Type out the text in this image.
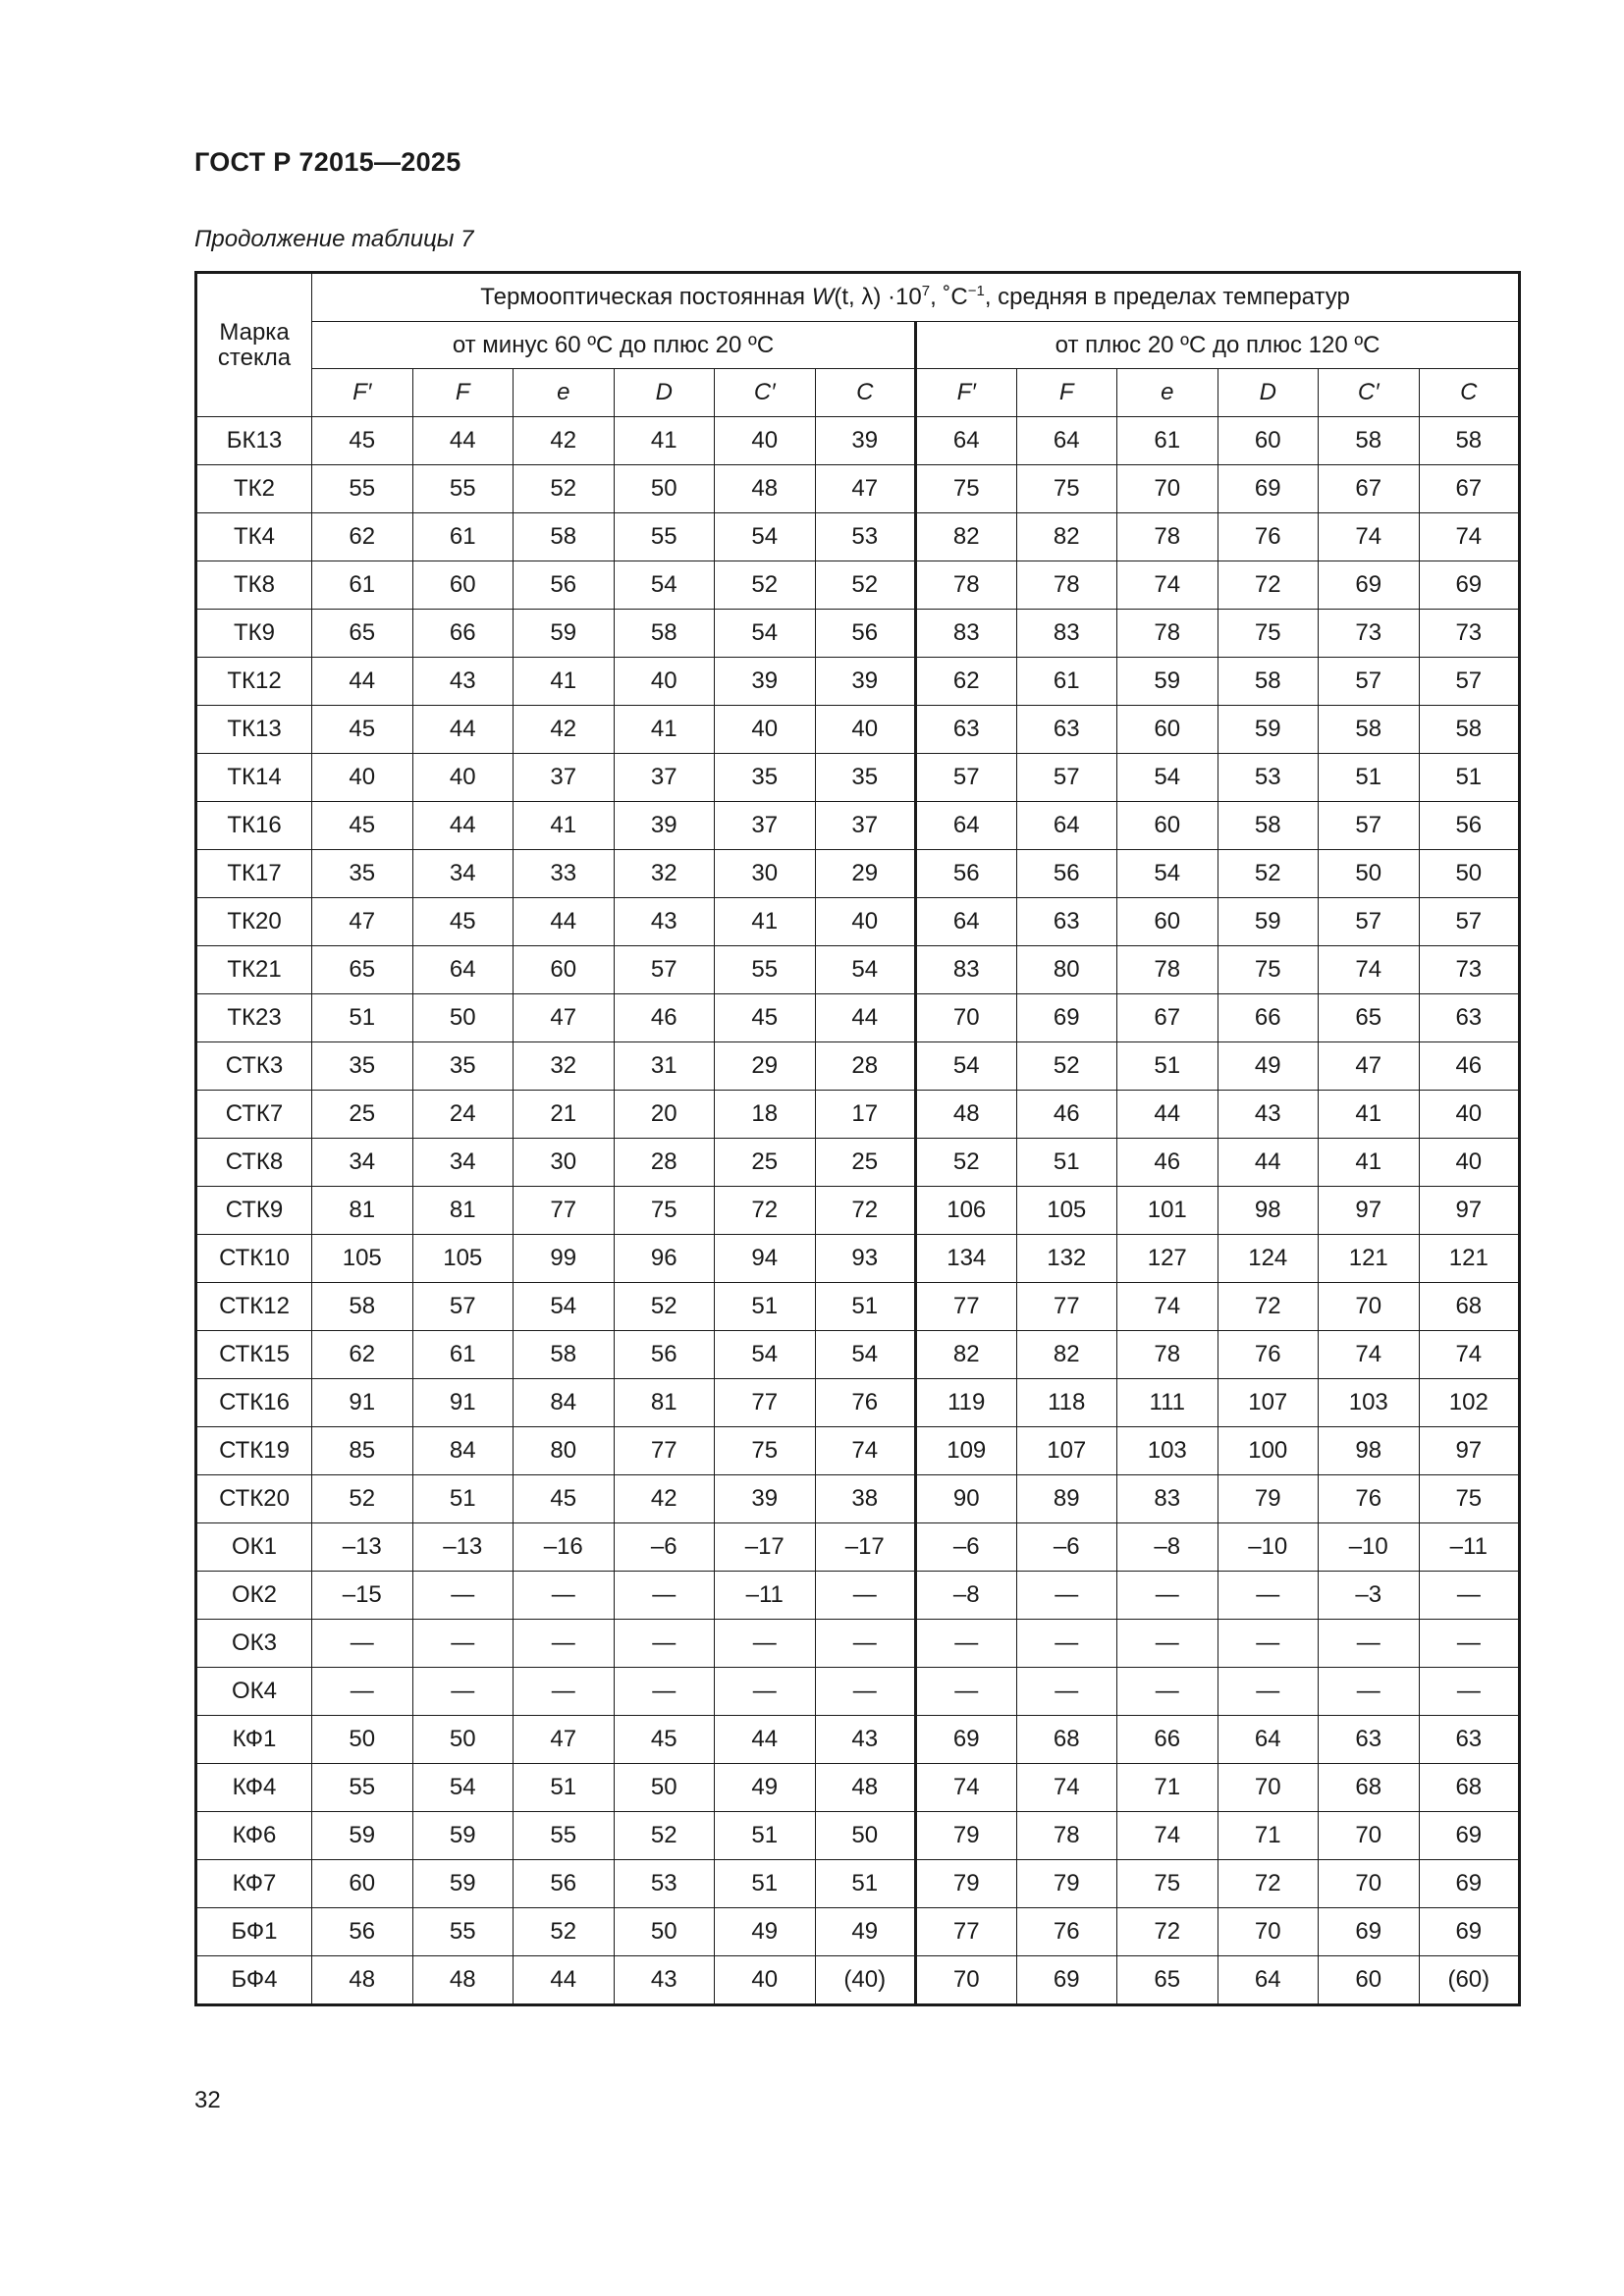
ГОСТ Р 72015—2025
Продолжение таблицы 7
Марка стекла	Термооптическая постоянная W(t, $\lambda) \cdot 10^7$, $˚C^{-1}$, средняя в пределах температур											
	от минус 60 ºC до плюс 20 ºC						от плюс 20 ºC до плюс 120 ºC					
	F′	F	e	D	C′	C	F′	F	e	D	C′	C
БК13	45	44	42	41	40	39	64	64	61	60	58	58
ТК2	55	55	52	50	48	47	75	75	70	69	67	67
ТК4	62	61	58	55	54	53	82	82	78	76	74	74
ТК8	61	60	56	54	52	52	78	78	74	72	69	69
ТК9	65	66	59	58	54	56	83	83	78	75	73	73
ТК12	44	43	41	40	39	39	62	61	59	58	57	57
ТК13	45	44	42	41	40	40	63	63	60	59	58	58
ТК14	40	40	37	37	35	35	57	57	54	53	51	51
ТК16	45	44	41	39	37	37	64	64	60	58	57	56
ТК17	35	34	33	32	30	29	56	56	54	52	50	50
ТК20	47	45	44	43	41	40	64	63	60	59	57	57
ТК21	65	64	60	57	55	54	83	80	78	75	74	73
ТК23	51	50	47	46	45	44	70	69	67	66	65	63
СТК3	35	35	32	31	29	28	54	52	51	49	47	46
СТК7	25	24	21	20	18	17	48	46	44	43	41	40
СТК8	34	34	30	28	25	25	52	51	46	44	41	40
СТК9	81	81	77	75	72	72	106	105	101	98	97	97
СТК10	105	105	99	96	94	93	134	132	127	124	121	121
СТК12	58	57	54	52	51	51	77	77	74	72	70	68
СТК15	62	61	58	56	54	54	82	82	78	76	74	74
СТК16	91	91	84	81	77	76	119	118	111	107	103	102
СТК19	85	84	80	77	75	74	109	107	103	100	98	97
СТК20	52	51	45	42	39	38	90	89	83	79	76	75
ОК1	–13	–13	–16	–6	–17	–17	–6	–6	–8	–10	–10	–11
ОК2	–15	—	—	—	–11	—	–8	—	—	—	–3	—
ОК3	—	—	—	—	—	—	—	—	—	—	—	—
ОК4	—	—	—	—	—	—	—	—	—	—	—	—
КФ1	50	50	47	45	44	43	69	68	66	64	63	63
КФ4	55	54	51	50	49	48	74	74	71	70	68	68
КФ6	59	59	55	52	51	50	79	78	74	71	70	69
КФ7	60	59	56	53	51	51	79	79	75	72	70	69
БФ1	56	55	52	50	49	49	77	76	72	70	69	69
БФ4	48	48	44	43	40	(40)	70	69	65	64	60	(60)
32
